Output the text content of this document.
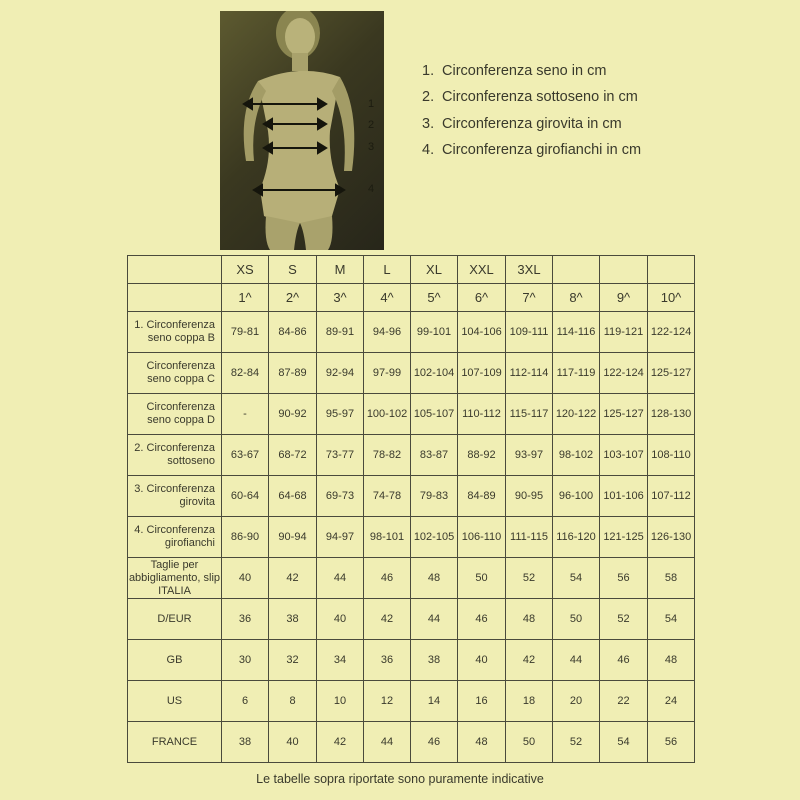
1
2
3
4
1. Circonferenza seno in cm
2. Circonferenza sottoseno in cm
3. Circonferenza girovita in cm
4. Circonferenza girofianchi in cm
	XS	S	M	L	XL	XXL	3XL			
	1^	2^	3^	4^	5^	6^	7^	8^	9^	10^
1. Circonferenza
seno coppa B	79-81	84-86	89-91	94-96	99-101	104-106	109-111	114-116	119-121	122-124
Circonferenza
seno coppa C	82-84	87-89	92-94	97-99	102-104	107-109	112-114	117-119	122-124	125-127
Circonferenza
seno coppa D	-	90-92	95-97	100-102	105-107	110-112	115-117	120-122	125-127	128-130
2. Circonferenza
sottoseno	63-67	68-72	73-77	78-82	83-87	88-92	93-97	98-102	103-107	108-110
3. Circonferenza
girovita	60-64	64-68	69-73	74-78	79-83	84-89	90-95	96-100	101-106	107-112
4. Circonferenza
girofianchi	86-90	90-94	94-97	98-101	102-105	106-110	111-115	116-120	121-125	126-130
Taglie per
abbigliamento, slip
ITALIA	40	42	44	46	48	50	52	54	56	58
D/EUR	36	38	40	42	44	46	48	50	52	54
GB	30	32	34	36	38	40	42	44	46	48
US	6	8	10	12	14	16	18	20	22	24
FRANCE	38	40	42	44	46	48	50	52	54	56
Le tabelle sopra riportate sono puramente indicative
